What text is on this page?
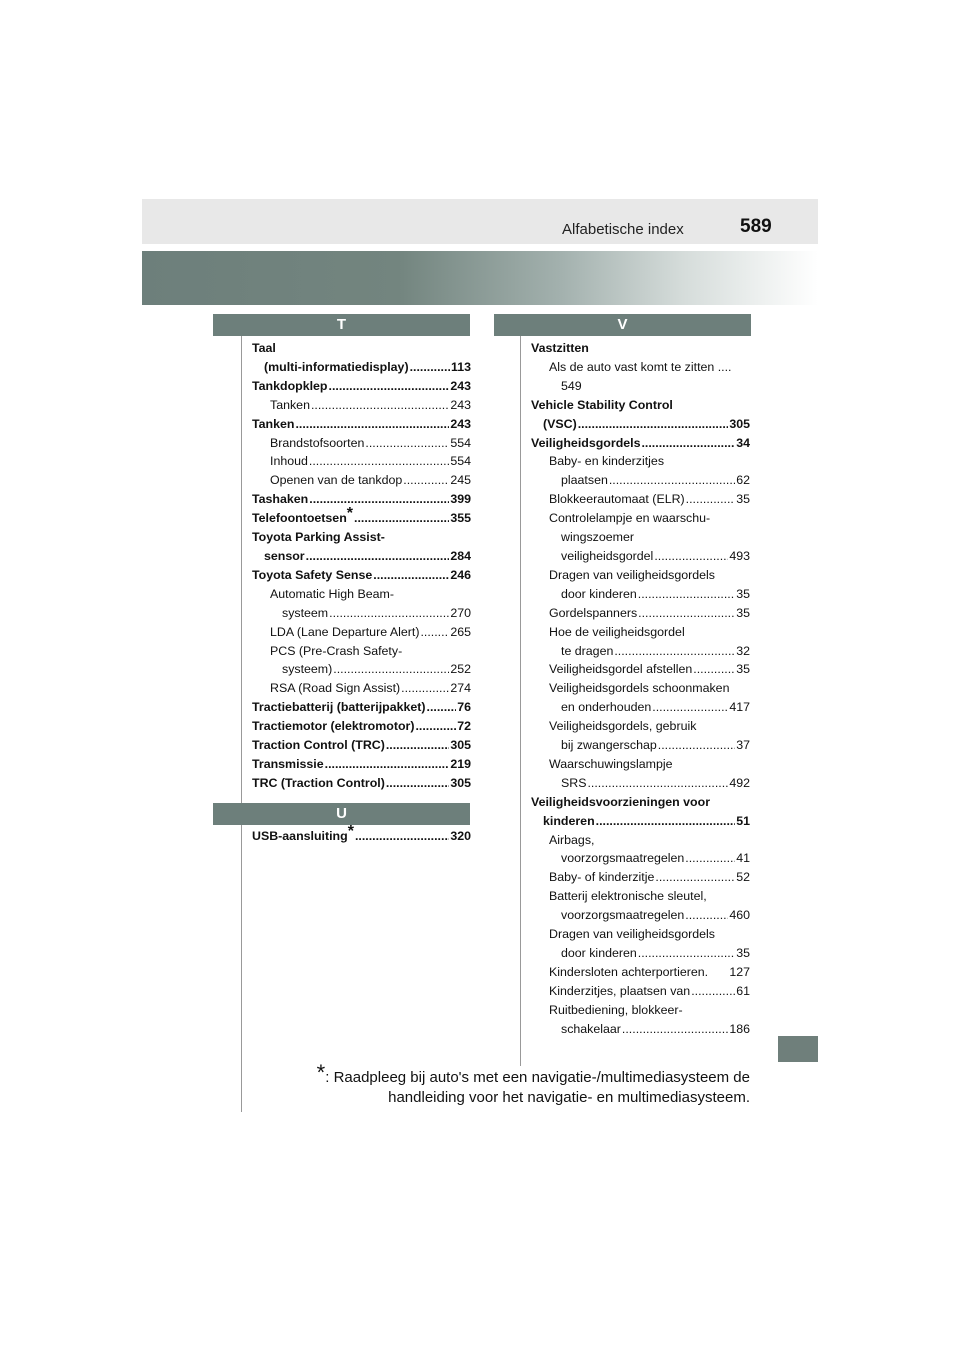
Alfabetische index	589
T	V
U
Taal
(multi-informatiedisplay) .....	113
Tankdopklep .....	243
Tanken .....	243
Tanken .....	243
Brandstofsoorten .....	554
Inhoud .....	554
Openen van de tankdop .....	245
Tashaken .....	399
Telefoontoetsen* .....	355
Toyota Parking Assist-
sensor .....	284
Toyota Safety Sense .....	246
Automatic High Beam-
systeem .....	270
LDA (Lane Departure Alert) ..... 265
PCS (Pre-Crash Safety-
systeem) .....	252
RSA (Road Sign Assist) .....	274
Tractiebatterij (batterijpakket) .....	76
Tractiemotor (elektromotor) .....	72
Traction Control (TRC) .....	305
Transmissie .....	219
TRC (Traction Control) .....	305
USB-aansluiting* .....	320
Vastzitten
Als de auto vast komt te zitten ....
549
Vehicle Stability Control
(VSC) .....	305
Veiligheidsgordels .....	34
Baby- en kinderzitjes
plaatsen .....	62
Blokkeerautomaat (ELR) .....	35
Controlelampje en waarschu-
wingszoemer
veiligheidsgordel .....	493
Dragen van veiligheidsgordels
door kinderen .....	35
Gordelspanners .....	35
Hoe de veiligheidsgordel
te dragen .....	32
Veiligheidsgordel afstellen .....	35
Veiligheidsgordels schoonmaken
en onderhouden .....	417
Veiligheidsgordels, gebruik
bij zwangerschap .....	37
Waarschuwingslampje
SRS .....	492
Veiligheidsvoorzieningen voor
kinderen .....	51
Airbags,
voorzorgsmaatregelen .....	41
Baby- of kinderzitje .....	52
Batterij elektronische sleutel,
voorzorgsmaatregelen .....	460
Dragen van veiligheidsgordels
door kinderen .....	35
Kindersloten achterportieren. 127
Kinderzitjes, plaatsen van .....	61
Ruitbediening, blokkeer-
schakelaar .....	186
*: Raadpleeg bij auto's met een navigatie-/multimediasysteem de
handleiding voor het navigatie- en multimediasysteem.
